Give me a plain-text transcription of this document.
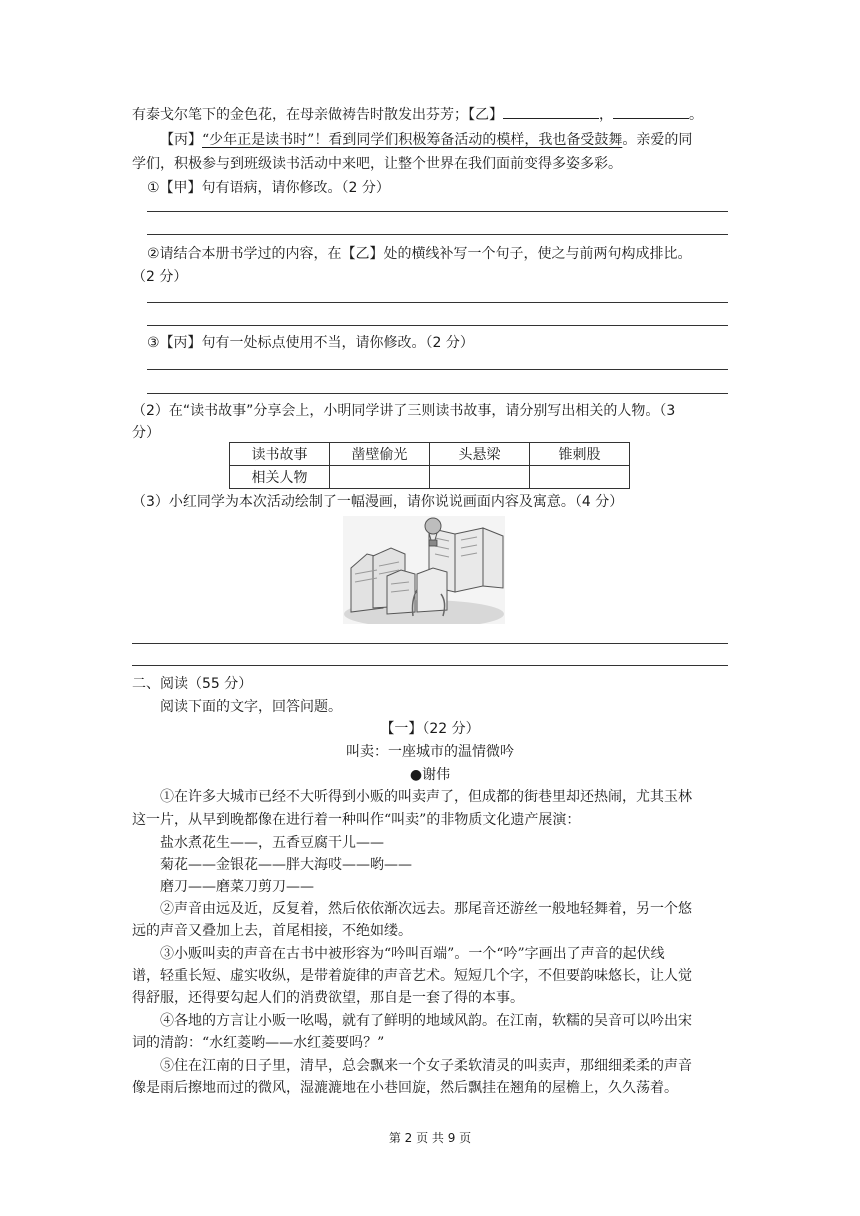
有泰戈尔笔下的金色花，在母亲做祷告时散发出芬芳；【乙】	，	。
【丙】“少年正是读书时”！看到同学们积极筹备活动的模样，我也备受鼓舞。亲爱的同
学们，积极参与到班级读书活动中来吧，让整个世界在我们面前变得多姿多彩。
①【甲】句有语病，请你修改。（2 分）
②请结合本册书学过的内容，在【乙】处的横线补写一个句子，使之与前两句构成排比。
（2 分）
③【丙】句有一处标点使用不当，请你修改。（2 分）
（2）在“读书故事”分享会上，小明同学讲了三则读书故事，请分别写出相关的人物。（3
分）
读书故事	凿壁偷光	头悬梁	锥刺股
相关人物			
（3）小红同学为本次活动绘制了一幅漫画，请你说说画面内容及寓意。（4 分）
二、阅读（55 分）
阅读下面的文字，回答问题。
【一】（22 分）
叫卖：一座城市的温情微吟
●谢伟
①在许多大城市已经不大听得到小贩的叫卖声了，但成都的街巷里却还热闹，尤其玉林
这一片，从早到晚都像在进行着一种叫作“叫卖”的非物质文化遗产展演：
盐水煮花生——，五香豆腐干儿——
菊花——金银花——胖大海哎——哟——
磨刀——磨菜刀剪刀——
②声音由远及近，反复着，然后依依渐次远去。那尾音还游丝一般地轻舞着，另一个悠
远的声音又叠加上去，首尾相接，不绝如缕。
③小贩叫卖的声音在古书中被形容为“吟叫百端”。一个“吟”字画出了声音的起伏线
谱，轻重长短、虚实收纵，是带着旋律的声音艺术。短短几个字，不但要韵味悠长，让人觉
得舒服，还得要勾起人们的消费欲望，那自是一套了得的本事。
④各地的方言让小贩一吆喝，就有了鲜明的地域风韵。在江南，软糯的吴音可以吟出宋
词的清韵：“水红菱哟——水红菱要吗？”
⑤住在江南的日子里，清早，总会飘来一个女子柔软清灵的叫卖声，那细细柔柔的声音
像是雨后擦地而过的微风，湿漉漉地在小巷回旋，然后飘挂在翘角的屋檐上，久久荡着。
第 2 页 共 9 页
